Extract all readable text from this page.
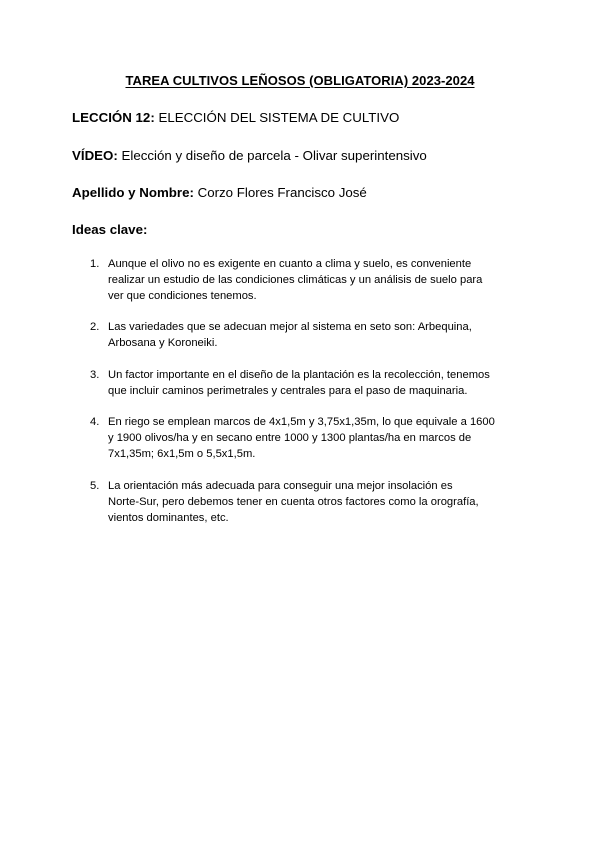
TAREA CULTIVOS LEÑOSOS (OBLIGATORIA) 2023-2024
LECCIÓN 12: ELECCIÓN DEL SISTEMA DE CULTIVO
VÍDEO: Elección y diseño de parcela - Olivar superintensivo
Apellido y Nombre: Corzo Flores Francisco José
Ideas clave:
1. Aunque el olivo no es exigente en cuanto a clima y suelo, es conveniente
realizar un estudio de las condiciones climáticas y un análisis de suelo para
ver que condiciones tenemos.
2. Las variedades que se adecuan mejor al sistema en seto son: Arbequina,
Arbosana y Koroneiki.
3. Un factor importante en el diseño de la plantación es la recolección, tenemos
que incluir caminos perimetrales y centrales para el paso de maquinaria.
4. En riego se emplean marcos de 4x1,5m y 3,75x1,35m, lo que equivale a 1600
y 1900 olivos/ha y en secano entre 1000 y 1300 plantas/ha en marcos de
7x1,35m; 6x1,5m o 5,5x1,5m.
5. La orientación más adecuada para conseguir una mejor insolación es
Norte-Sur, pero debemos tener en cuenta otros factores como la orografía,
vientos dominantes, etc.
